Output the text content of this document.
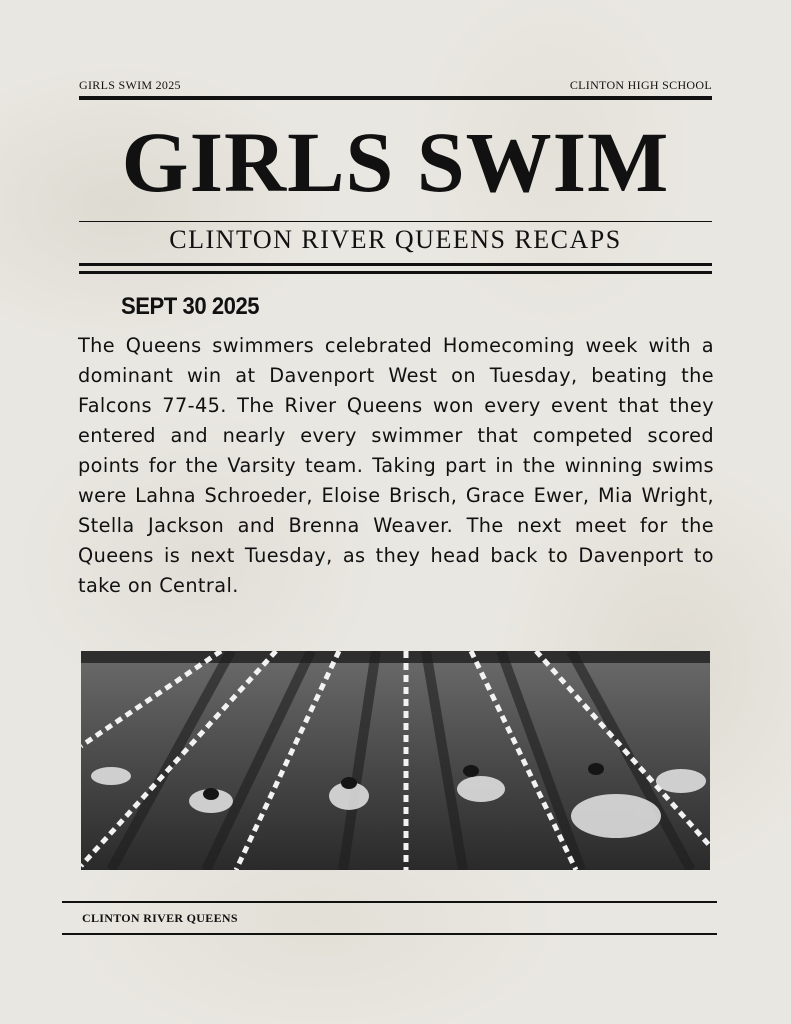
GIRLS SWIM 2025	CLINTON HIGH SCHOOL
GIRLS SWIM
CLINTON RIVER QUEENS RECAPS
SEPT 30 2025

The Queens swimmers celebrated Homecoming week with a dominant win at Davenport West on Tuesday, beating the Falcons 77-45. The River Queens won every event that they entered and nearly every swimmer that competed scored points for the Varsity team. Taking part in the winning swims were Lahna Schroeder, Eloise Brisch, Grace Ewer, Mia Wright, Stella Jackson and Brenna Weaver. The next meet for the Queens is next Tuesday, as they head back to Davenport to take on Central.

CLINTON RIVER QUEENS
